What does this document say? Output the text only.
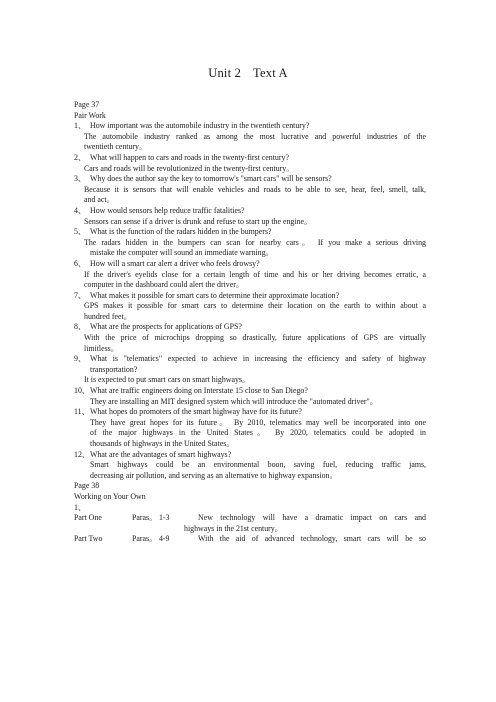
Unit 2 Text A
Page 37
Pair Work
1、 How important was the automobile industry in the twentieth century?
The automobile industry ranked as among the most lucrative and powerful industries of the
twentieth century。
2、 What will happen to cars and roads in the twenty-first century?
Cars and roads will be revolutionized in the twenty-first century。
3、 Why does the author say the key to tomorrow's "smart cars" will be sensors?
Because it is sensors that will enable vehicles and roads to be able to see, hear, feel, smell, talk,
and act。
4、 How would sensors help reduce traffic fatalities?
Sensors can sense if a driver is drunk and refuse to start up the engine。
5、 What is the function of the radars hidden in the bumpers?
The radars hidden in the bumpers can scan for nearby cars。 If you make a serious driving
mistake the computer will sound an immediate warning。
6、 How will a smart car alert a driver who feels drowsy?
If the driver's eyelids close for a certain length of time and his or her driving becomes erratic, a
computer in the dashboard could alert the driver。
7、 What makes it possible for smart cars to determine their approximate location?
GPS makes it possible for smart cars to determine their location on the earth to within about a
hundred feet。
8、 What are the prospects for applications of GPS?
With the price of microchips dropping so drastically, future applications of GPS are virtually
limitless。
9、 What is "telematics" expected to achieve in increasing the efficiency and safety of highway
transportation?
It is expected to put smart cars on smart highways。
10、 What are traffic engineers doing on Interstate 15 close to San Diego?
They are installing an MIT designed system which will introduce the "automated driver"。
11、 What hopes do promoters of the smart highway have for its future?
They have great hopes for its future。 By 2010, telematics may well be incorporated into one
of the major highways in the United States。 By 2020, telematics could be adopted in
thousands of highways in the United States。
12、 What are the advantages of smart highways?
Smart highways could be an environmental boon, saving fuel, reducing traffic jams,
decreasing air pollution, and serving as an alternative to highway expansion。
Page 38
Working on Your Own
1、
Part One	Paras。 1-3	New technology will have a dramatic impact on cars and
highways in the 21st century。
Part Two	Paras。 4-9	With the aid of advanced technology, smart cars will be so
